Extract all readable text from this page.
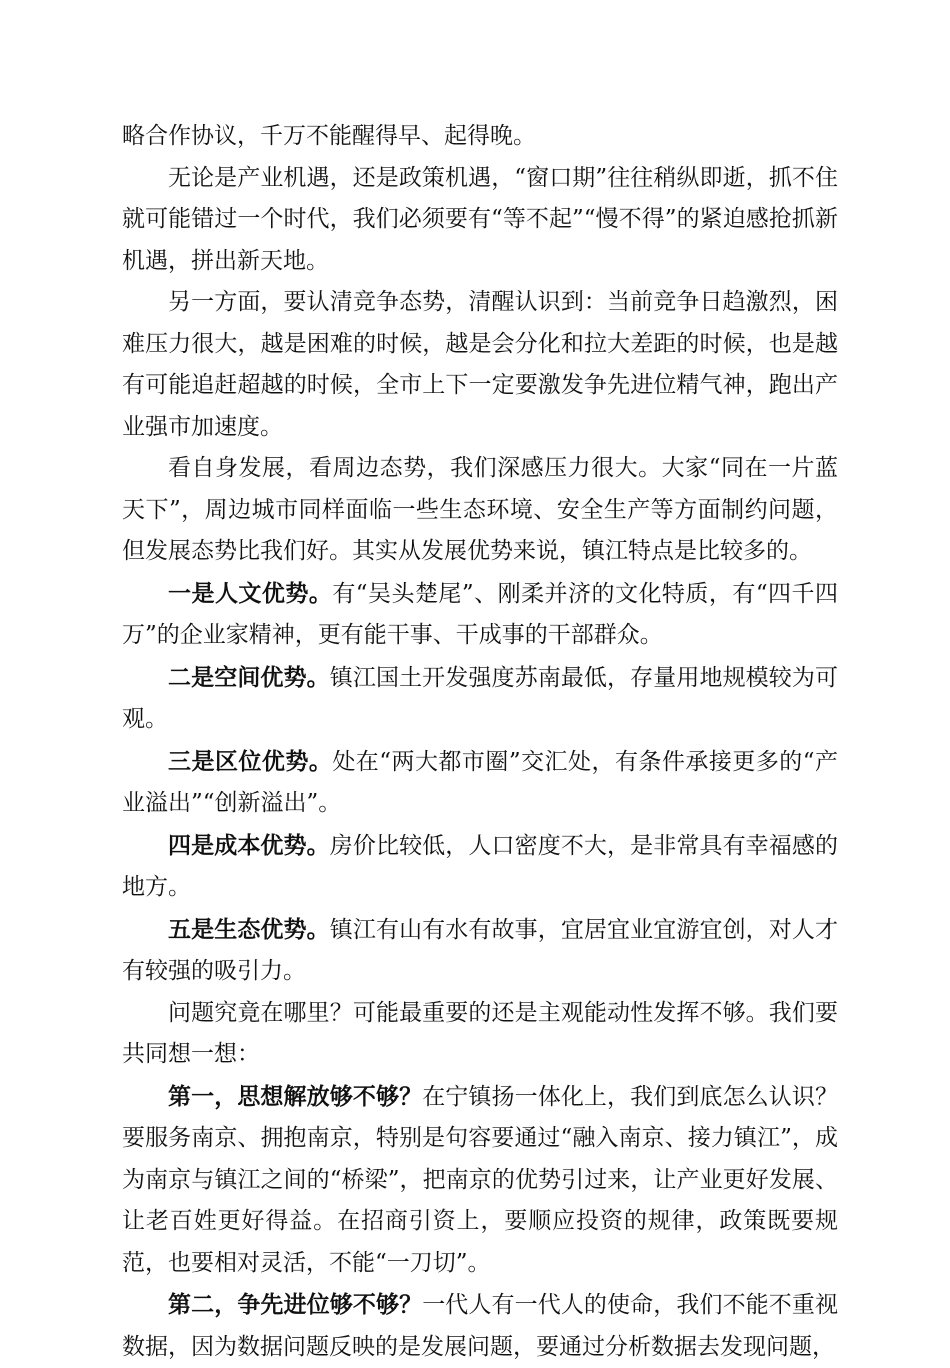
略合作协议，千万不能醒得早、起得晚。

无论是产业机遇，还是政策机遇，“窗口期”往往稍纵即逝，抓不住就可能错过一个时代，我们必须要有“等不起”“慢不得”的紧迫感抢抓新机遇，拼出新天地。

另一方面，要认清竞争态势，清醒认识到：当前竞争日趋激烈，困难压力很大，越是困难的时候，越是会分化和拉大差距的时候，也是越有可能追赶超越的时候，全市上下一定要激发争先进位精气神，跑出产业强市加速度。

看自身发展，看周边态势，我们深感压力很大。大家“同在一片蓝天下”，周边城市同样面临一些生态环境、安全生产等方面制约问题，但发展态势比我们好。其实从发展优势来说，镇江特点是比较多的。

一是人文优势。有“吴头楚尾”、刚柔并济的文化特质，有“四千四万”的企业家精神，更有能干事、干成事的干部群众。

二是空间优势。镇江国土开发强度苏南最低，存量用地规模较为可观。

三是区位优势。处在“两大都市圈”交汇处，有条件承接更多的“产业溢出”“创新溢出”。

四是成本优势。房价比较低，人口密度不大，是非常具有幸福感的地方。

五是生态优势。镇江有山有水有故事，宜居宜业宜游宜创，对人才有较强的吸引力。

问题究竟在哪里？可能最重要的还是主观能动性发挥不够。我们要共同想一想：

第一，思想解放够不够？在宁镇扬一体化上，我们到底怎么认识？要服务南京、拥抱南京，特别是句容要通过“融入南京、接力镇江”，成为南京与镇江之间的“桥梁”，把南京的优势引过来，让产业更好发展、让老百姓更好得益。在招商引资上，要顺应投资的规律，政策既要规范，也要相对灵活，不能“一刀切”。

第二，争先进位够不够？一代人有一代人的使命，我们不能不重视数据，因为数据问题反映的是发展问题，要通过分析数据去发现问题，
